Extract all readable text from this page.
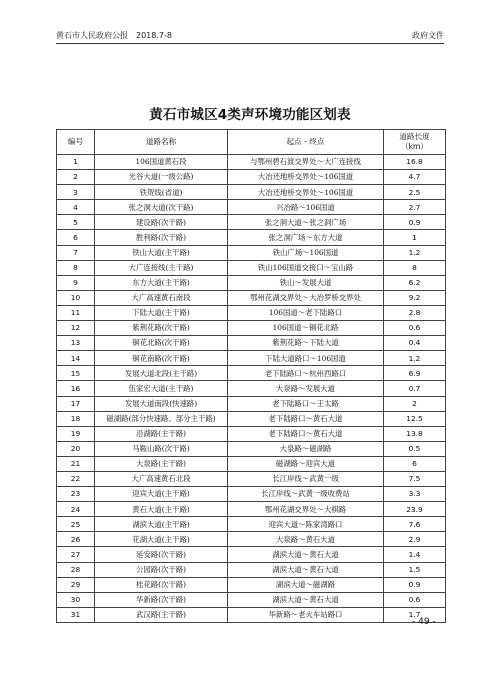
黄石市人民政府公报　2018.7-8	政府文件
黄石市城区4类声环境功能区划表
编号	道路名称	起点 - 终点	道路长度（km）

1	106国道黄石段	与鄂州碧石渡交界处～大广连接线	16.8
2	光谷大道(一级公路)	大冶还地桥交界处～106国道	4.7
3	铁贺线(省道)	大冶还地桥交界处～106国道	2.5
4	张之洞大道(次干路)	兴冶路～106国道	2.7
5	建设路(次干路)	张之洞大道～张之洞广场	0.9
6	胜利路(次干路)	张之洞广场～东方大道	1
7	铁山大道(主干路)	铁山广场～106国道	1.2
8	大广连接线(主干路)	铁山106国道交接口～宝山路	8
9	东方大道(主干路)	铁山～发展大道	6.2
10	大广高速黄石南段	鄂州花湖交界处～大冶罗桥交界处	9.2
11	下陆大道(主干路)	106国道～老下陆路口	2.8
12	紫荆花路(次干路)	106国道～铜花北路	0.6
13	铜花北路(次干路)	紫荆花路～下陆大道	0.4
14	铜花南路(次干路)	下陆大道路口～106国道	1.2
15	发展大道北段(主干路)	老下陆路口～杭州西路口	6.9
16	伍家宏大道(主干路)	大泉路～发展大道	0.7
17	发展大道南段(快速路)	老下陆路口～王太路	2
18	磁湖路(部分快速路、部分主干路)	老下陆路口～黄石大道	12.5
19	沿湖路(主干路)	老下陆路口～黄石大道	13.8
20	马鞍山路(次干路)	大泉路～磁湖路	0.5
21	大泉路(主干路)	磁湖路～迎宾大道	6
22	大广高速黄石北段	长江岸线～武黄一级	7.5
23	迎宾大道(主干路)	长江岸线～武黄一级收费站	3.3
24	黄石大道(主干路)	鄂州花湖交界处～大棋路	23.9
25	湖滨大道(主干路)	迎宾大道～陈家湾路口	7.6
26	花湖大道(主干路)	大泉路～黄石大道	2.9
27	延安路(次干路)	湖滨大道～黄石大道	1.4
28	公园路(次干路)	湖滨大道～黄石大道	1.5
29	桂花路(次干路)	湖滨大道～磁湖路	0.9
30	华新路(次干路)	湖滨大道～黄石大道	0.6
31	武汉路(主干路)	华新路～老火车站路口	1.7
- 49 -
